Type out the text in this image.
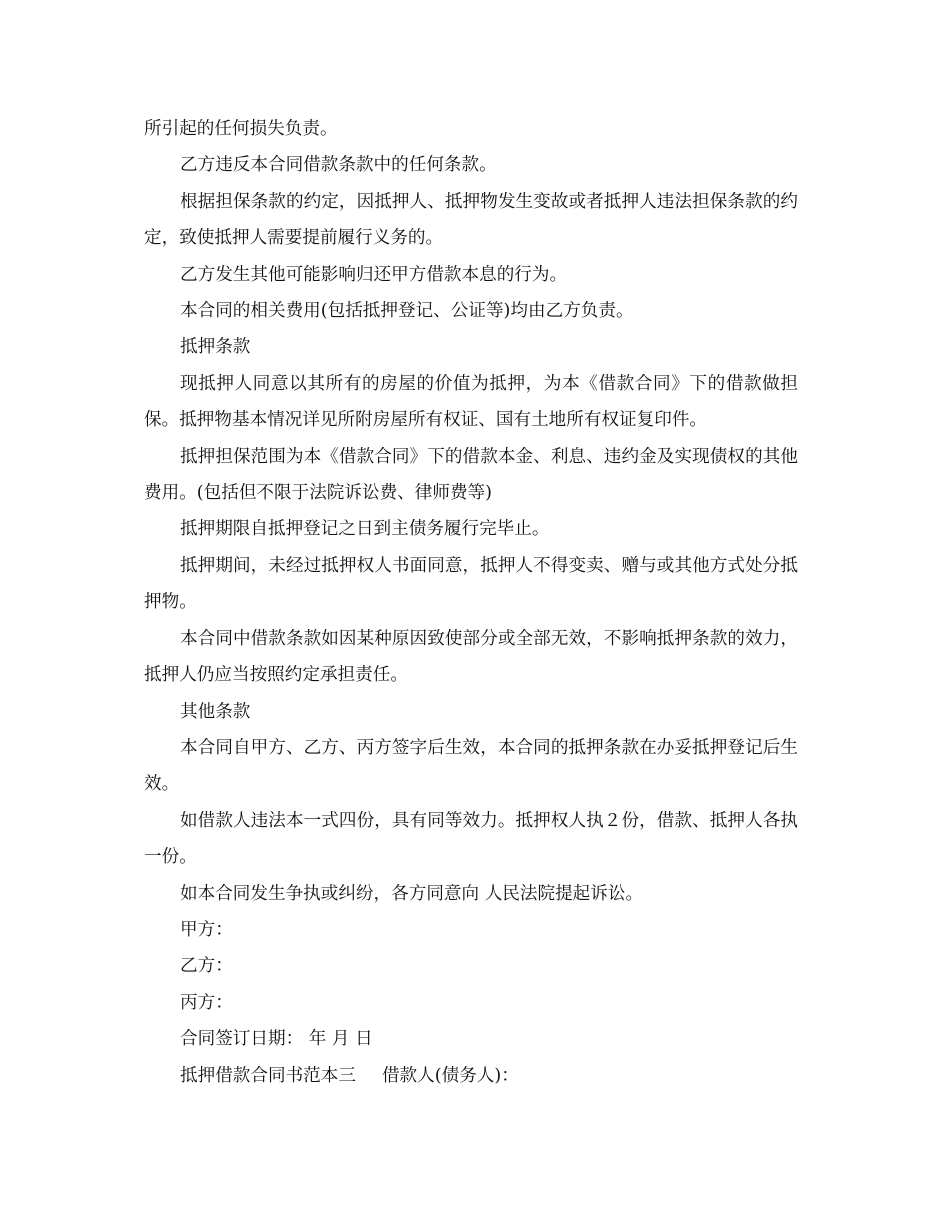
所引起的任何损失负责。

乙方违反本合同借款条款中的任何条款。

根据担保条款的约定，因抵押人、抵押物发生变故或者抵押人违法担保条款的约定，致使抵押人需要提前履行义务的。

乙方发生其他可能影响归还甲方借款本息的行为。

本合同的相关费用(包括抵押登记、公证等)均由乙方负责。

抵押条款

现抵押人同意以其所有的房屋的价值为抵押，为本《借款合同》下的借款做担保。抵押物基本情况详见所附房屋所有权证、国有土地所有权证复印件。

抵押担保范围为本《借款合同》下的借款本金、利息、违约金及实现债权的其他费用。(包括但不限于法院诉讼费、律师费等)

抵押期限自抵押登记之日到主债务履行完毕止。

抵押期间，未经过抵押权人书面同意，抵押人不得变卖、赠与或其他方式处分抵押物。

本合同中借款条款如因某种原因致使部分或全部无效，不影响抵押条款的效力，抵押人仍应当按照约定承担责任。

其他条款

本合同自甲方、乙方、丙方签字后生效，本合同的抵押条款在办妥抵押登记后生效。

如借款人违法本一式四份，具有同等效力。抵押权人执２份，借款、抵押人各执一份。

如本合同发生争执或纠纷，各方同意向 人民法院提起诉讼。

甲方：

乙方：

丙方：

合同签订日期： 年 月 日

抵押借款合同书范本三 借款人(债务人)：
